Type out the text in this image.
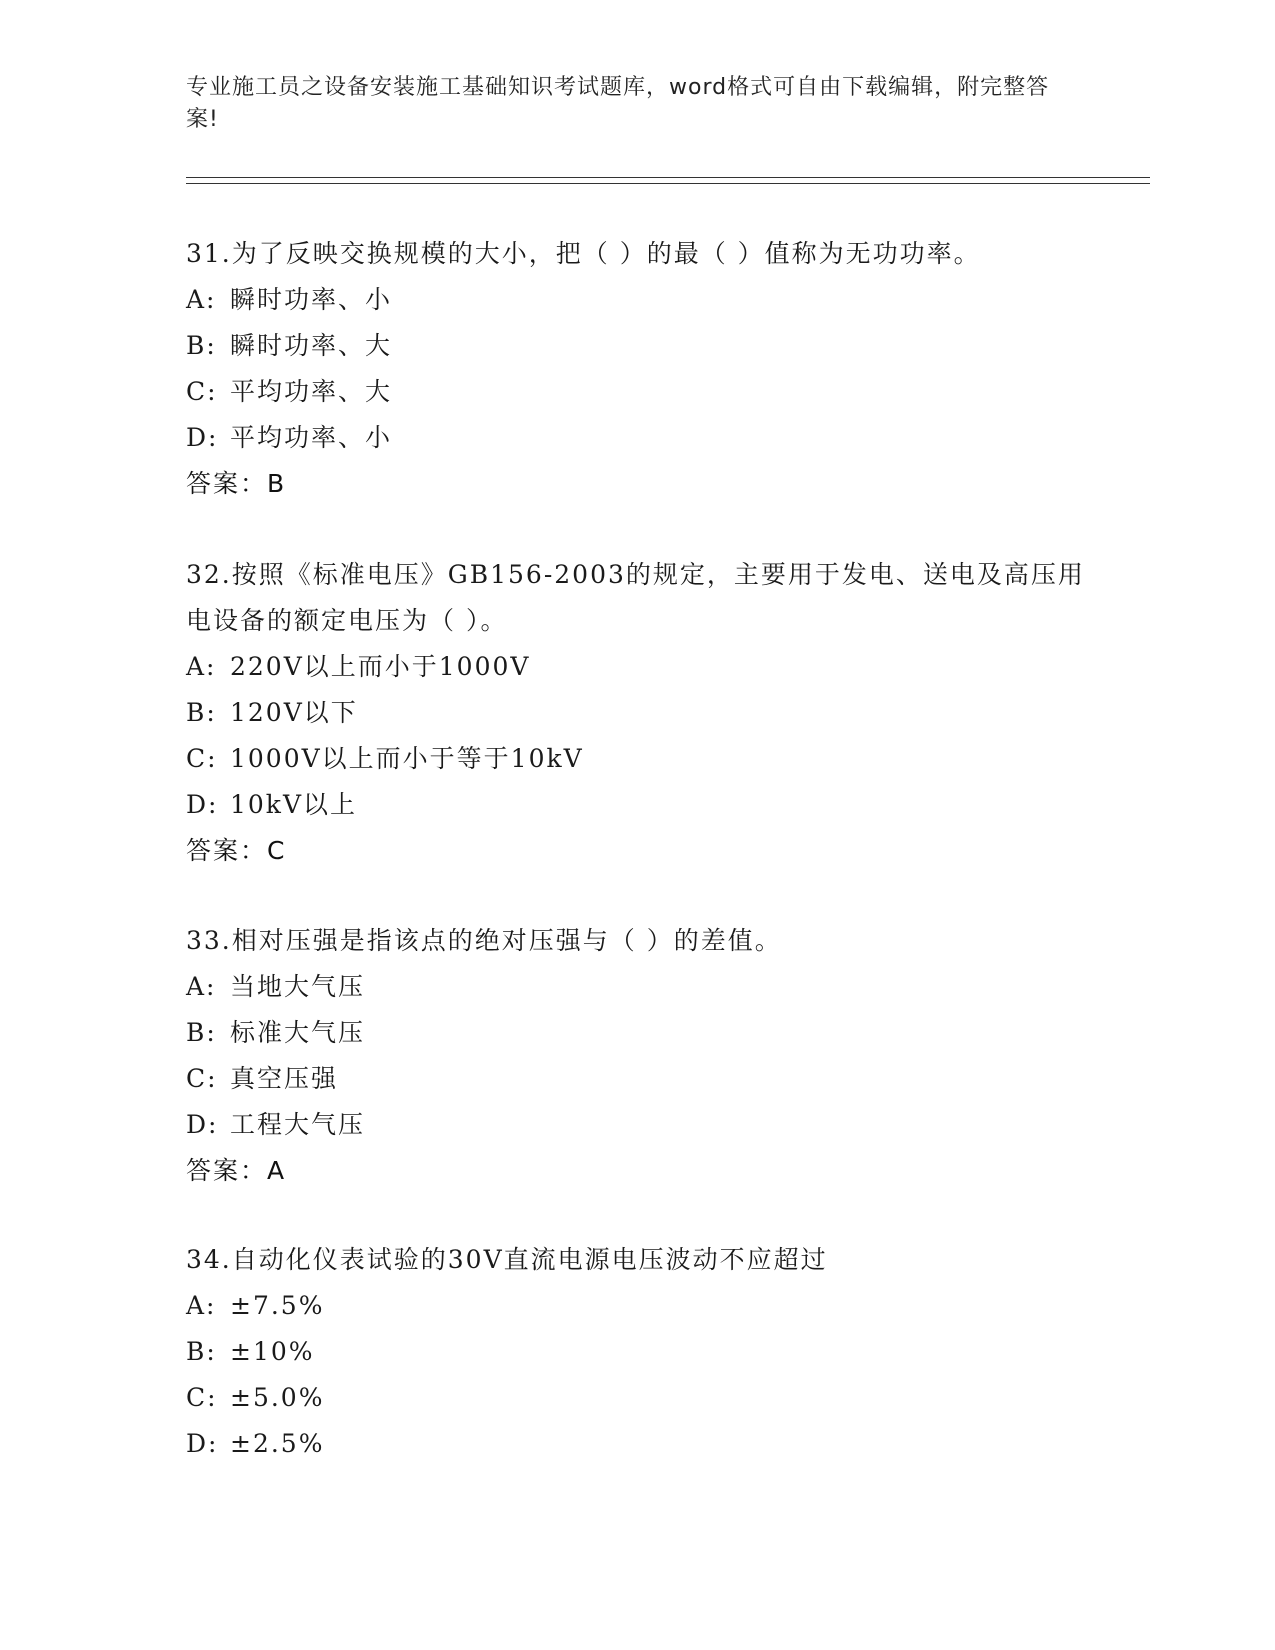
专业施工员之设备安装施工基础知识考试题库，word格式可自由下载编辑，附完整答案!

31.为了反映交换规模的大小，把（ ）的最（ ）值称为无功功率。

A: 瞬时功率、小

B: 瞬时功率、大

C: 平均功率、大

D: 平均功率、小

答案：B

32.按照《标准电压》GB156-2003的规定，主要用于发电、送电及高压用电设备的额定电压为（ ）。

A: 220V以上而小于1000V

B: 120V以下

C: 1000V以上而小于等于10kV

D: 10kV以上

答案：C

33.相对压强是指该点的绝对压强与（ ）的差值。

A: 当地大气压

B: 标准大气压

C: 真空压强

D: 工程大气压

答案：A

34.自动化仪表试验的30V直流电源电压波动不应超过

A: ±7.5%

B: ±10%

C: ±5.0%

D: ±2.5%
